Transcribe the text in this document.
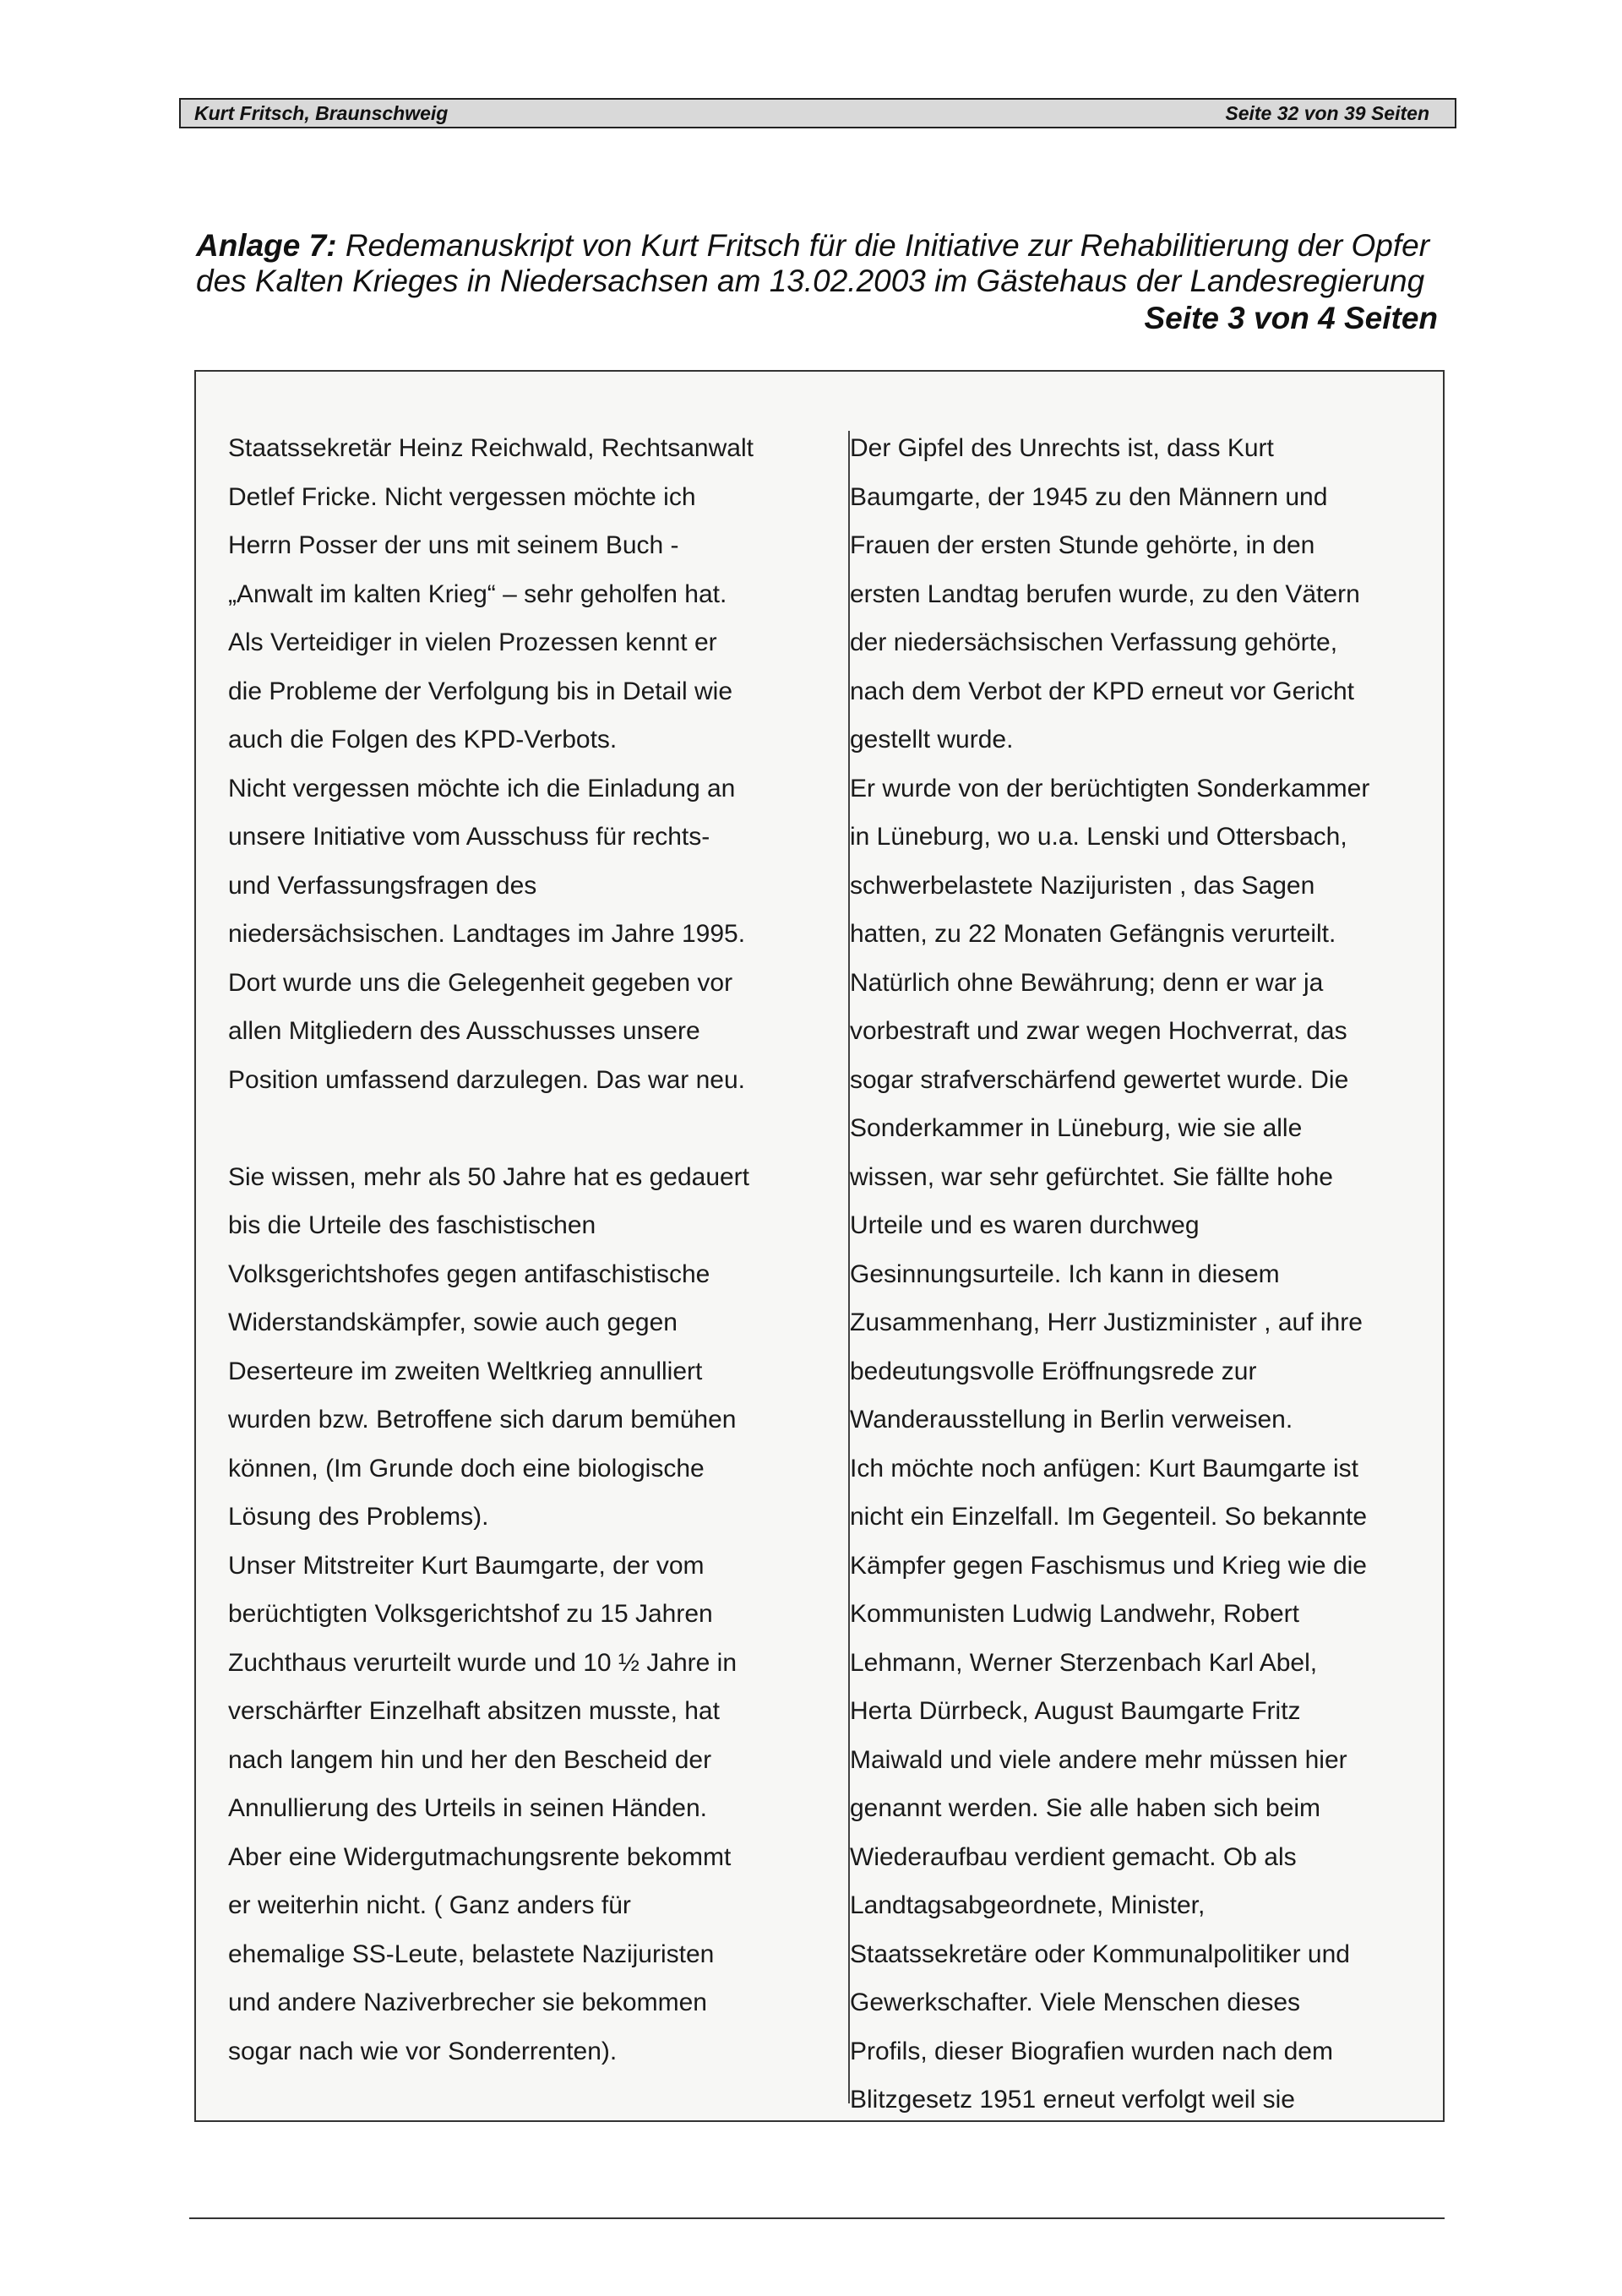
Kurt Fritsch, Braunschweig	Seite 32 von 39 Seiten
Anlage 7: Redemanuskript von Kurt Fritsch für die Initiative zur Rehabilitierung der Opfer des Kalten Krieges in Niedersachsen am 13.02.2003 im Gästehaus der Landesregierung
Seite 3 von 4 Seiten

Staatssekretär Heinz Reichwald, Rechtsanwalt

Detlef Fricke. Nicht vergessen möchte ich

Herrn Posser der uns mit seinem Buch -

„Anwalt im kalten Krieg“ – sehr geholfen hat.

Als Verteidiger in vielen Prozessen kennt er

die Probleme der Verfolgung bis in Detail wie

auch die Folgen des KPD-Verbots.

Nicht vergessen möchte ich die Einladung an

unsere Initiative vom Ausschuss für rechts-

und Verfassungsfragen des

niedersächsischen. Landtages im Jahre 1995.

Dort wurde uns die Gelegenheit gegeben vor

allen Mitgliedern des Ausschusses unsere

Position umfassend darzulegen. Das war neu.

Sie wissen, mehr als 50 Jahre hat es gedauert

bis die Urteile des faschistischen

Volksgerichtshofes gegen antifaschistische

Widerstandskämpfer, sowie auch gegen

Deserteure im zweiten Weltkrieg annulliert

wurden bzw. Betroffene sich darum bemühen

können, (Im Grunde doch eine biologische

Lösung des Problems).

Unser Mitstreiter Kurt Baumgarte, der vom

berüchtigten Volksgerichtshof zu 15 Jahren

Zuchthaus verurteilt wurde und 10 ½ Jahre in

verschärfter Einzelhaft absitzen musste, hat

nach langem hin und her den Bescheid der

Annullierung des Urteils in seinen Händen.

Aber eine Widergutmachungsrente bekommt

er weiterhin nicht. ( Ganz anders für

ehemalige SS-Leute, belastete Nazijuristen

und andere Naziverbrecher sie bekommen

sogar nach wie vor Sonderrenten).

Der Gipfel des Unrechts ist, dass Kurt

Baumgarte, der 1945 zu den Männern und

Frauen der ersten Stunde gehörte, in den

ersten Landtag berufen wurde, zu den Vätern

der niedersächsischen Verfassung gehörte,

nach dem Verbot der KPD erneut vor Gericht

gestellt wurde.

Er wurde von der berüchtigten Sonderkammer

in Lüneburg, wo u.a. Lenski und Ottersbach,

schwerbelastete Nazijuristen , das Sagen

hatten, zu 22 Monaten Gefängnis verurteilt.

Natürlich ohne Bewährung; denn er war ja

vorbestraft und zwar wegen Hochverrat, das

sogar strafverschärfend gewertet wurde. Die

Sonderkammer in Lüneburg, wie sie alle

wissen, war sehr gefürchtet. Sie fällte hohe

Urteile und es waren durchweg

Gesinnungsurteile. Ich kann in diesem

Zusammenhang, Herr Justizminister , auf ihre

bedeutungsvolle Eröffnungsrede zur

Wanderausstellung in Berlin verweisen.

Ich möchte noch anfügen: Kurt Baumgarte ist

nicht ein Einzelfall. Im Gegenteil. So bekannte

Kämpfer gegen Faschismus und Krieg wie die

Kommunisten Ludwig Landwehr, Robert

Lehmann, Werner Sterzenbach Karl Abel,

Herta Dürrbeck, August Baumgarte Fritz

Maiwald und viele andere mehr müssen hier

genannt werden. Sie alle haben sich beim

Wiederaufbau verdient gemacht. Ob als

Landtagsabgeordnete, Minister,

Staatssekretäre oder Kommunalpolitiker und

Gewerkschafter. Viele Menschen dieses

Profils, dieser Biografien wurden nach dem

Blitzgesetz 1951 erneut verfolgt weil sie
